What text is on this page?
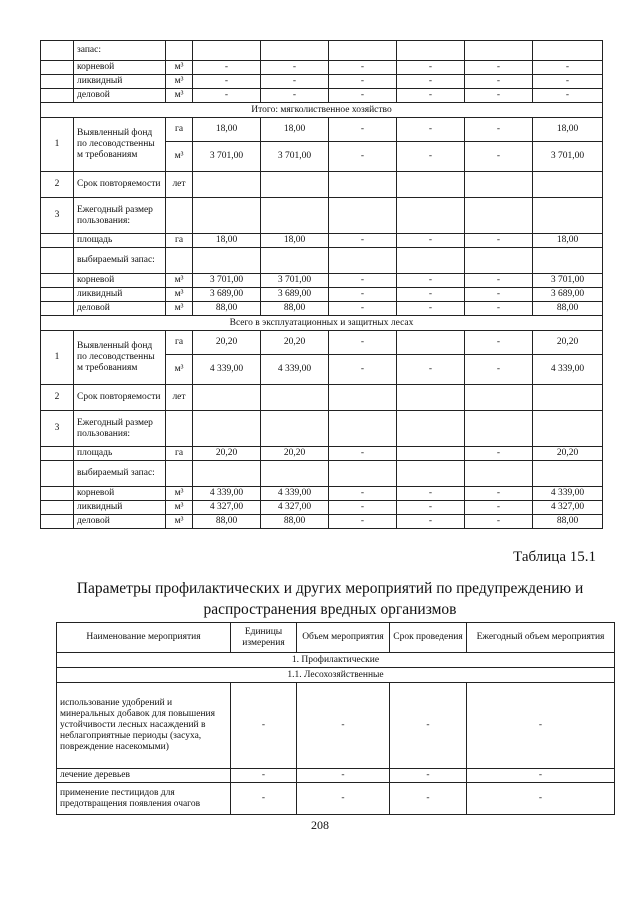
	запас:							
	корневой	м³	-	-	-	-	-	-
	ликвидный	м³	-	-	-	-	-	-
	деловой	м³	-	-	-	-	-	-
Итого: мягколиственное хозяйство								
1	Выявленный фонд по лесоводственны м требованиям	га	18,00	18,00	-	-	-	18,00
		м³	3 701,00	3 701,00	-	-	-	3 701,00
2	Срок повторяемости	лет						
3	Ежегодный размер пользования:							
	площадь	га	18,00	18,00	-	-	-	18,00
	выбираемый запас:							
	корневой	м³	3 701,00	3 701,00	-	-	-	3 701,00
	ликвидный	м³	3 689,00	3 689,00	-	-	-	3 689,00
	деловой	м³	88,00	88,00	-	-	-	88,00
Всего в эксплуатационных и защитных лесах								
1	Выявленный фонд по лесоводственны м требованиям	га	20,20	20,20	-		-	20,20
		м³	4 339,00	4 339,00	-	-	-	4 339,00
2	Срок повторяемости	лет						
3	Ежегодный размер пользования:							
	площадь	га	20,20	20,20	-		-	20,20
	выбираемый запас:							
	корневой	м³	4 339,00	4 339,00	-	-	-	4 339,00
	ликвидный	м³	4 327,00	4 327,00	-	-	-	4 327,00
	деловой	м³	88,00	88,00	-	-	-	88,00
Таблица 15.1
Параметры профилактических и других мероприятий по предупреждению и распространения вредных организмов
Наименование мероприятия	Единицы измерения	Объем мероприятия	Срок проведения	Ежегодный объем мероприятия
1. Профилактические				
1.1. Лесохозяйственные				
использование удобрений и минеральных добавок для повышения устойчивости лесных насаждений в неблагоприятные периоды (засуха, повреждение насекомыми)	-	-	-	-
лечение деревьев	-	-	-	-
применение пестицидов для предотвращения появления очагов	-	-	-	-
208
